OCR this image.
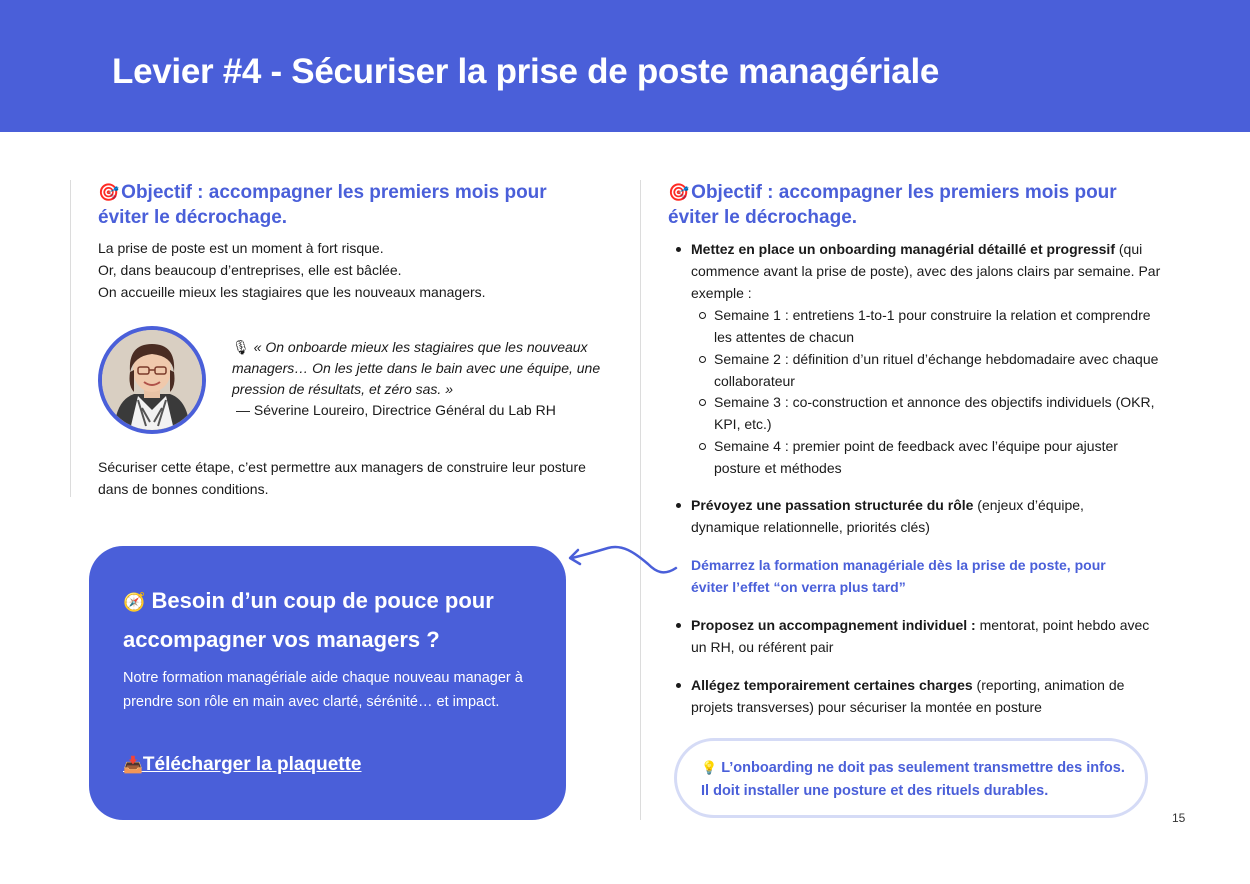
Levier #4 - Sécuriser la prise de poste managériale
🎯 Objectif : accompagner les premiers mois pour éviter le décrochage.
La prise de poste est un moment à fort risque.
Or, dans beaucoup d’entreprises, elle est bâclée.
On accueille mieux les stagiaires que les nouveaux managers.
🎙 « On onboarde mieux les stagiaires que les nouveaux managers… On les jette dans le bain avec une équipe, une pression de résultats, et zéro sas. »
— Séverine Loureiro, Directrice Général du Lab RH
Sécuriser cette étape, c’est permettre aux managers de construire leur posture dans de bonnes conditions.
🧭 Besoin d’un coup de pouce pour accompagner vos managers ?
Notre formation managériale aide chaque nouveau manager à prendre son rôle en main avec clarté, sérénité… et impact.
📥Télécharger la plaquette
🎯 Objectif : accompagner les premiers mois pour éviter le décrochage.
Mettez en place un onboarding managérial détaillé et progressif (qui commence avant la prise de poste), avec des jalons clairs par semaine. Par exemple :
Semaine 1 : entretiens 1-to-1 pour construire la relation et comprendre les attentes de chacun
Semaine 2 : définition d’un rituel d’échange hebdomadaire avec chaque collaborateur
Semaine 3 : co-construction et annonce des objectifs individuels (OKR, KPI, etc.)
Semaine 4 : premier point de feedback avec l’équipe pour ajuster posture et méthodes
Prévoyez une passation structurée du rôle (enjeux d’équipe, dynamique relationnelle, priorités clés)
Démarrez la formation managériale dès la prise de poste, pour éviter l’effet “on verra plus tard”
Proposez un accompagnement individuel : mentorat, point hebdo avec un RH, ou référent pair
Allégez temporairement certaines charges (reporting, animation de projets transverses) pour sécuriser la montée en posture
💡 L’onboarding ne doit pas seulement transmettre des infos. Il doit installer une posture et des rituels durables.
15
